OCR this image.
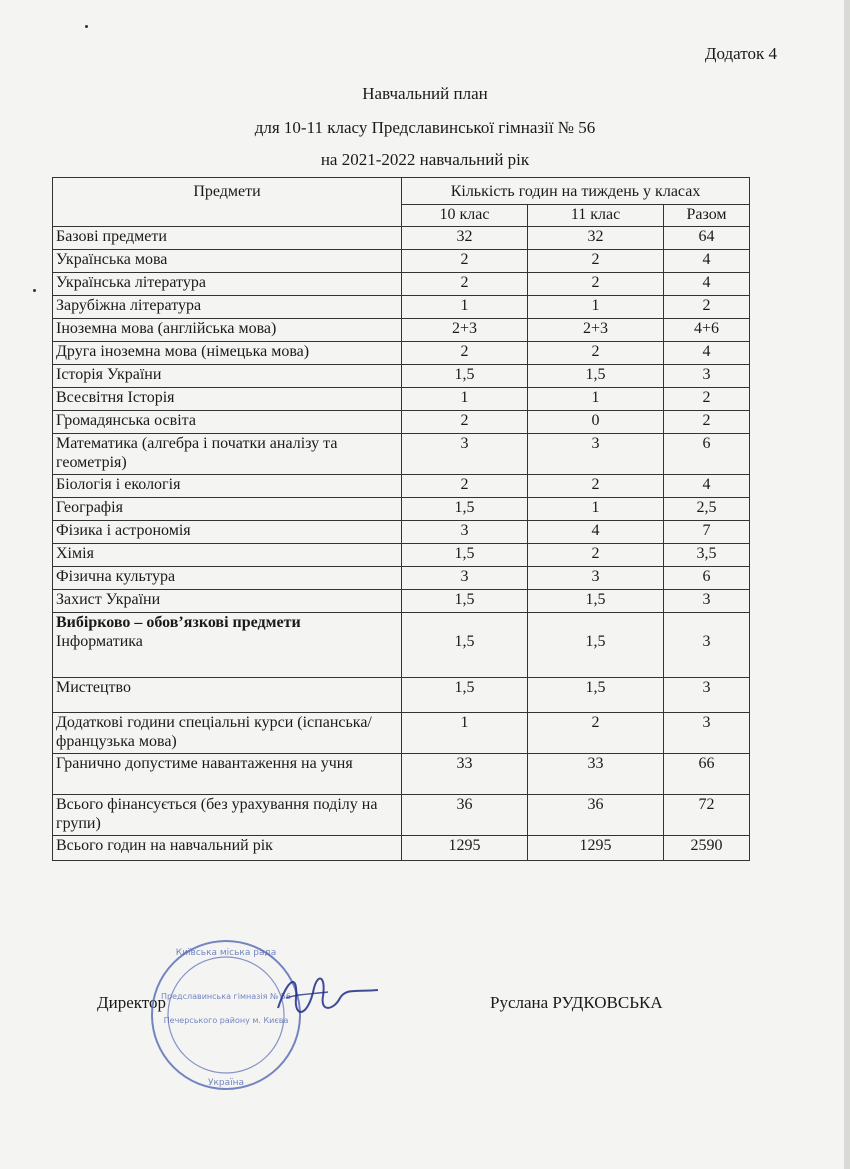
Додаток 4
Навчальний план
для 10-11 класу Предславинської гімназії № 56
на 2021-2022 навчальний рік
Предмети	Кількість годин на тиждень у класах		
	10 клас	11 клас	Разом
Базові предмети	32	32	64
Українська мова	2	2	4
Українська література	2	2	4
Зарубіжна література	1	1	2
Іноземна мова (англійська мова)	2+3	2+3	4+6
Друга іноземна мова (німецька мова)	2	2	4
Історія України	1,5	1,5	3
Всесвітня Історія	1	1	2
Громадянська освіта	2	0	2
Математика (алгебра і початки аналізу та геометрія)	3	3	6
Біологія і екологія	2	2	4
Географія	1,5	1	2,5
Фізика і астрономія	3	4	7
Хімія	1,5	2	3,5
Фізична культура	3	3	6
Захист України	1,5	1,5	3

Вибірково – обов’язкові предмети
Інформатика	1,5	1,5	3
Мистецтво	1,5	1,5	3
Додаткові години спеціальні курси (іспанська/французька мова)	1	2	3
Гранично допустиме навантаження на учня	33	33	66
Всього фінансується (без урахування поділу на групи)	36	36	72
Всього годин на навчальний рік	1295	1295	2590
Директор	Руслана РУДКОВСЬКА
Київська міська рада
Предславинська гімназія № 56
Печерського району м. Києва
Україна
